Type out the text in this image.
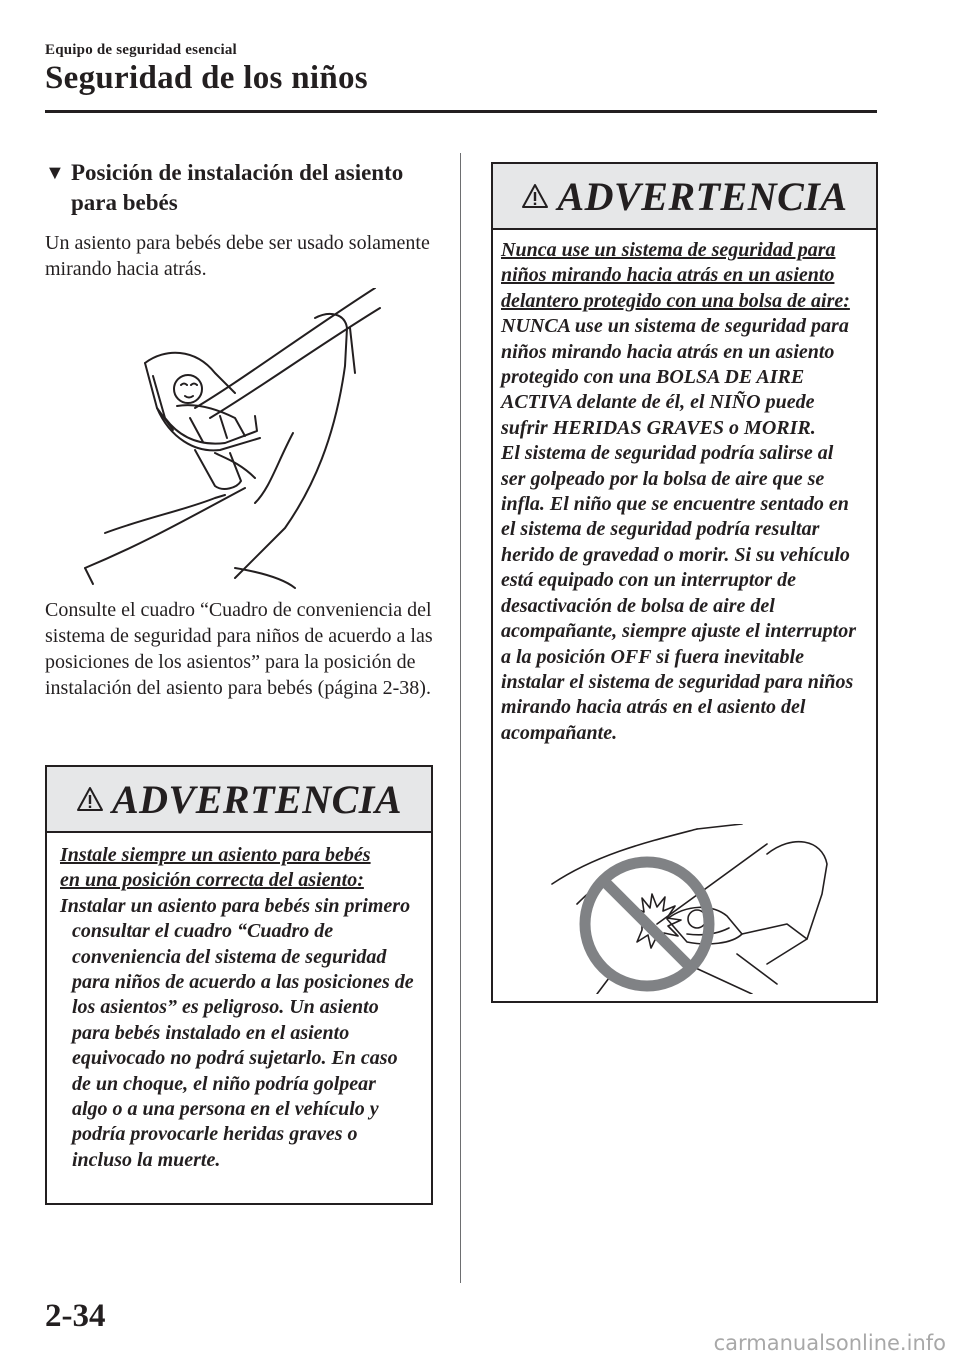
Equipo de seguridad esencial
Seguridad de los niños
▼ Posición de instalación del asiento
para bebés
Un asiento para bebés debe ser usado solamente mirando hacia atrás.
Consulte el cuadro “Cuadro de conveniencia del sistema de seguridad para niños de acuerdo a las posiciones de los asientos” para la posición de instalación del asiento para bebés (página 2-38).
ADVERTENCIA
Instale siempre un asiento para bebés
en una posición correcta del asiento:
Instalar un asiento para bebés sin primero consultar el cuadro “Cuadro de conveniencia del sistema de seguridad para niños de acuerdo a las posiciones de los asientos” es peligroso. Un asiento para bebés instalado en el asiento equivocado no podrá sujetarlo. En caso de un choque, el niño podría golpear algo o a una persona en el vehículo y podría provocarle heridas graves o incluso la muerte.
ADVERTENCIA
Nunca use un sistema de seguridad para niños mirando hacia atrás en un asiento delantero protegido con una bolsa de aire:
NUNCA use un sistema de seguridad para niños mirando hacia atrás en un asiento protegido con una BOLSA DE AIRE ACTIVA delante de él, el NIÑO puede sufrir HERIDAS GRAVES o MORIR.
El sistema de seguridad podría salirse al ser golpeado por la bolsa de aire que se infla. El niño que se encuentre sentado en el sistema de seguridad podría resultar herido de gravedad o morir. Si su vehículo está equipado con un interruptor de desactivación de bolsa de aire del acompañante, siempre ajuste el interruptor a la posición OFF si fuera inevitable instalar el sistema de seguridad para niños mirando hacia atrás en el asiento del acompañante.
2-34
carmanualsonline.info
